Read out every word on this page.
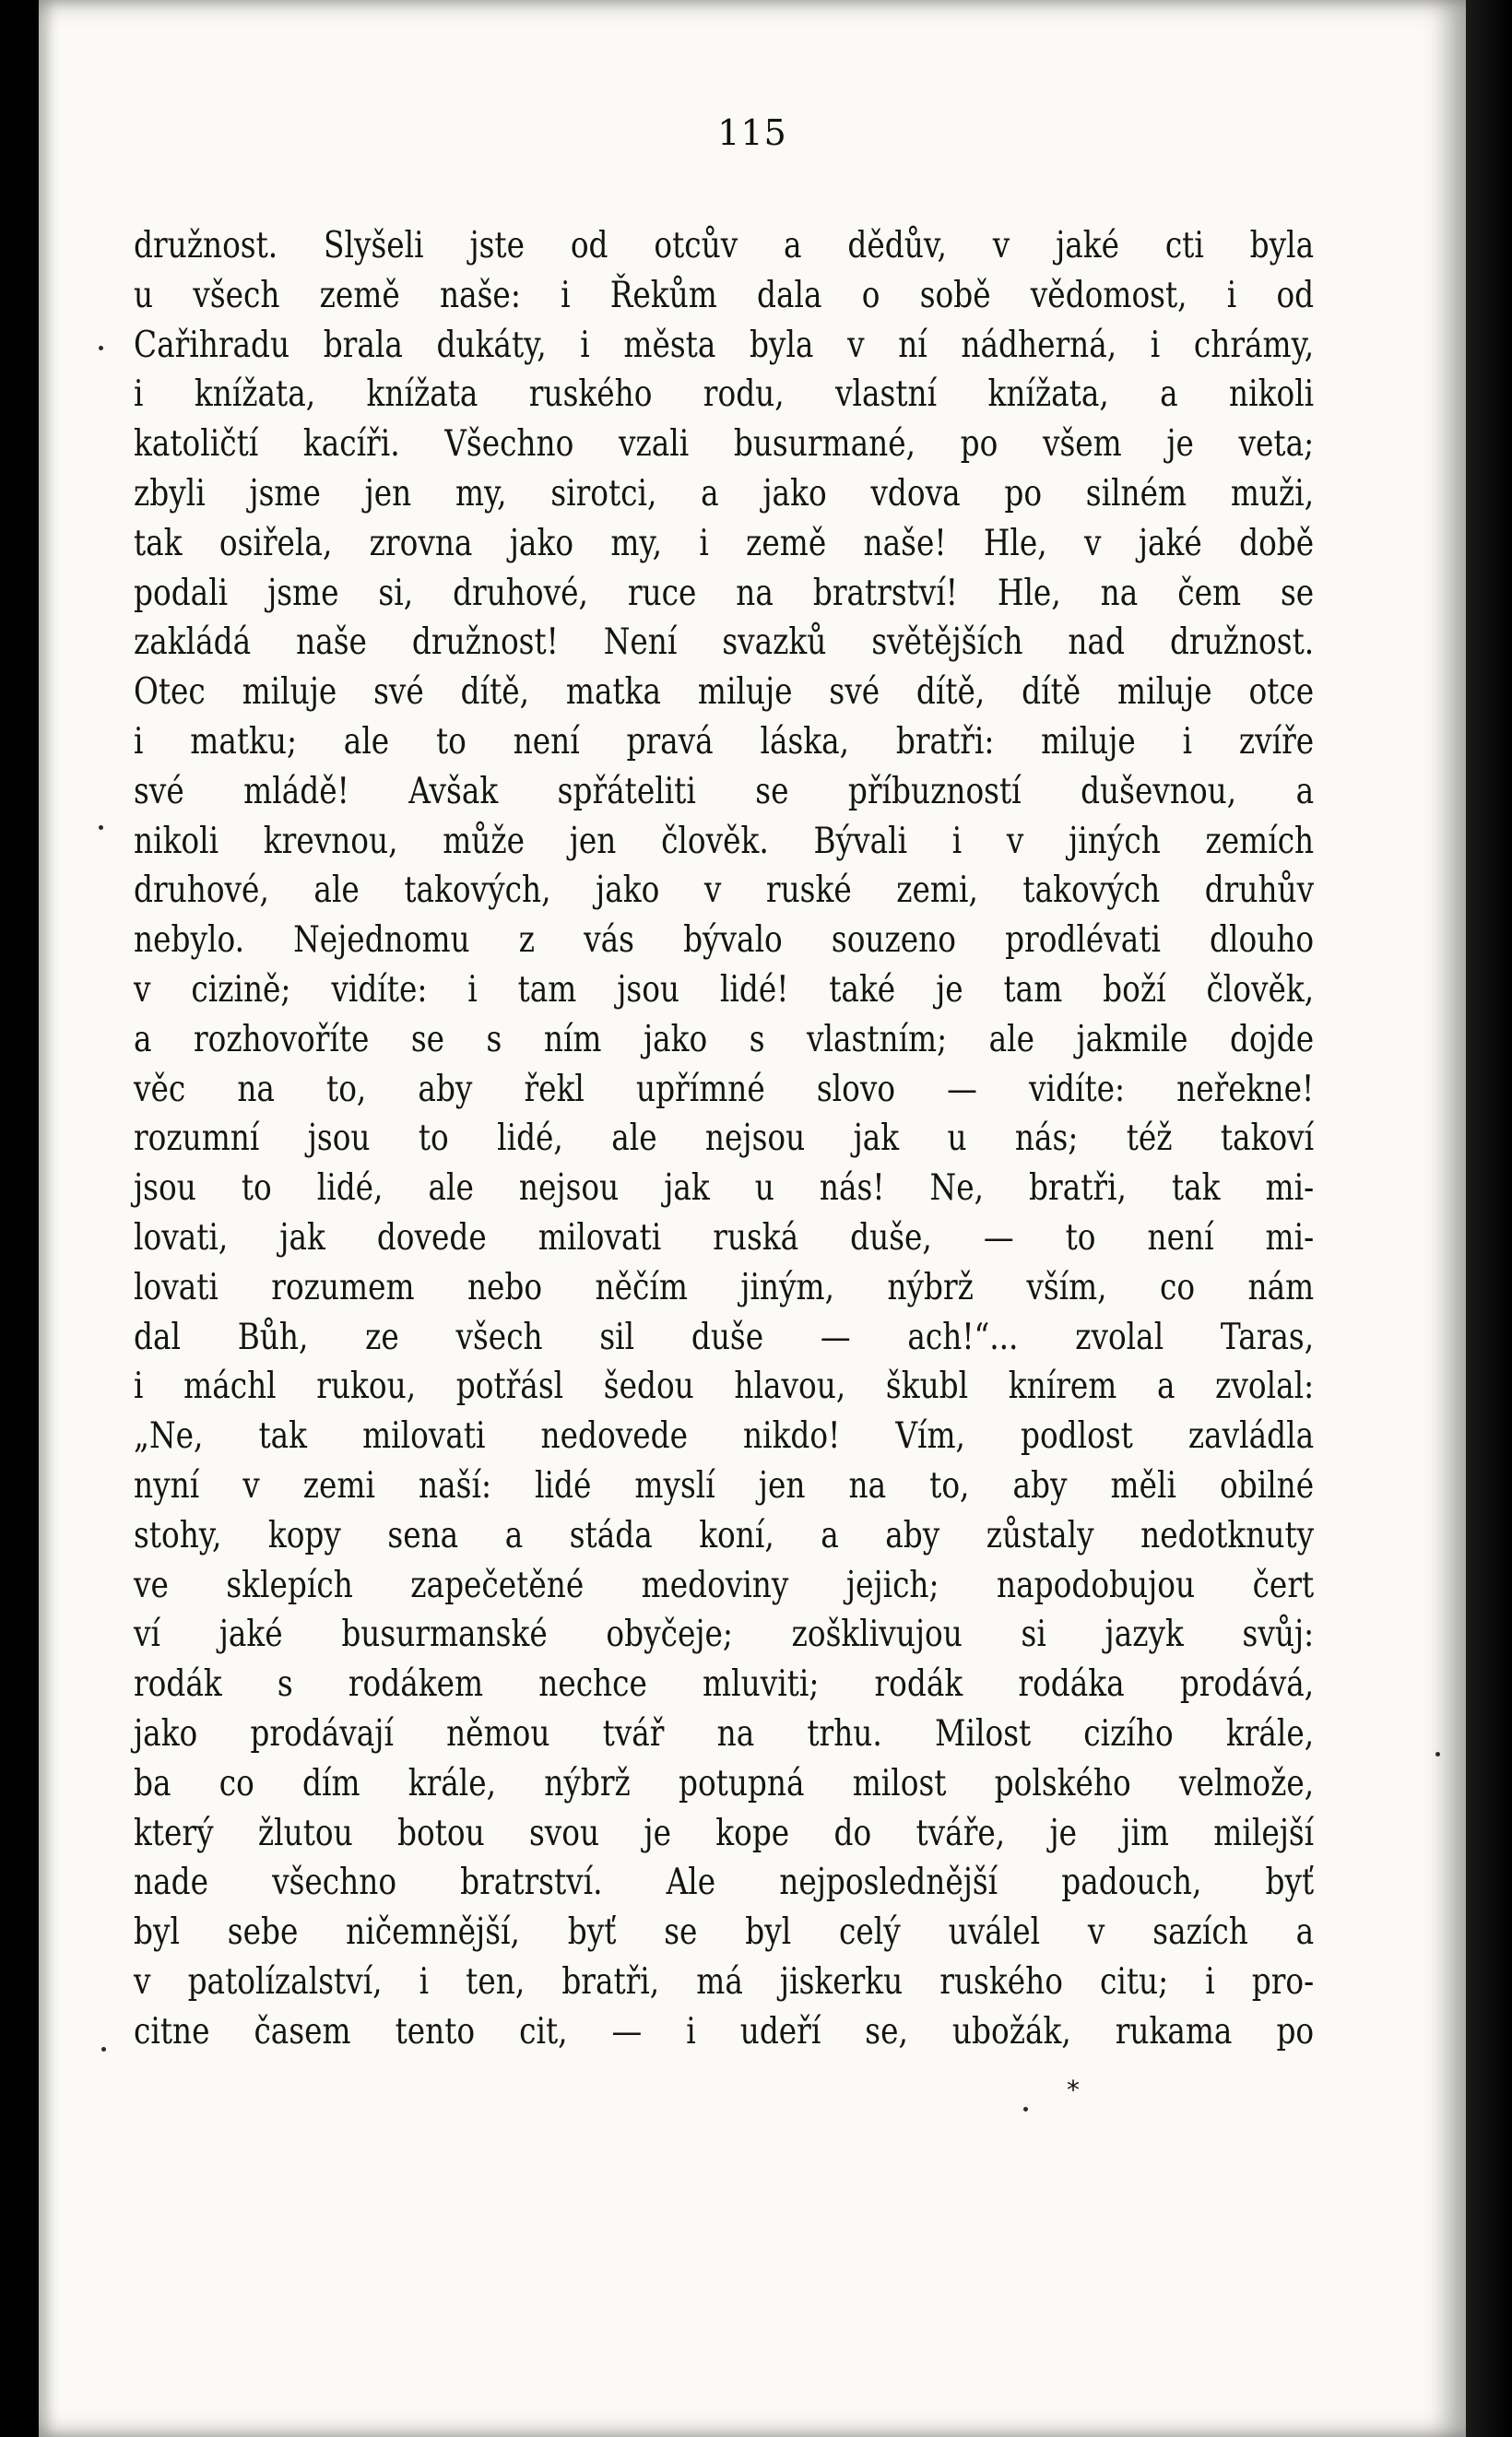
115
družnost. Slyšeli jste od otcův a dědův, v jaké cti byla
u všech země naše: i Řekům dala o sobě vědomost, i od
Cařihradu brala dukáty, i města byla v ní nádherná, i chrámy,
i knížata, knížata ruského rodu, vlastní knížata, a nikoli
katoličtí kacíři. Všechno vzali busurmané, po všem je veta;
zbyli jsme jen my, sirotci, a jako vdova po silném muži,
tak osiřela, zrovna jako my, i země naše! Hle, v jaké době
podali jsme si, druhové, ruce na bratrství! Hle, na čem se
zakládá naše družnost! Není svazků světějších nad družnost.
Otec miluje své dítě, matka miluje své dítě, dítě miluje otce
i matku; ale to není pravá láska, bratři: miluje i zvíře
své mládě! Avšak spřáteliti se příbuzností duševnou, a
nikoli krevnou, může jen člověk. Bývali i v jiných zemích
druhové, ale takových, jako v ruské zemi, takových druhův
nebylo. Nejednomu z vás bývalo souzeno prodlévati dlouho
v cizině; vidíte: i tam jsou lidé! také je tam boží člověk,
a rozhovoříte se s ním jako s vlastním; ale jakmile dojde
věc na to, aby řekl upřímné slovo — vidíte: neřekne!
rozumní jsou to lidé, ale nejsou jak u nás; též takoví
jsou to lidé, ale nejsou jak u nás! Ne, bratři, tak mi-
lovati, jak dovede milovati ruská duše, — to není mi-
lovati rozumem nebo něčím jiným, nýbrž vším, co nám
dal Bůh, ze všech sil duše — ach!“... zvolal Taras,
i máchl rukou, potřásl šedou hlavou, škubl knírem a zvolal:
„Ne, tak milovati nedovede nikdo! Vím, podlost zavládla
nyní v zemi naší: lidé myslí jen na to, aby měli obilné
stohy, kopy sena a stáda koní, a aby zůstaly nedotknuty
ve sklepích zapečetěné medoviny jejich; napodobujou čert
ví jaké busurmanské obyčeje; zošklivujou si jazyk svůj:
rodák s rodákem nechce mluviti; rodák rodáka prodává,
jako prodávají němou tvář na trhu. Milost cizího krále,
ba co dím krále, nýbrž potupná milost polského velmože,
který žlutou botou svou je kope do tváře, je jim milejší
nade všechno bratrství. Ale nejposlednější padouch, byť
byl sebe ničemnější, byť se byl celý uválel v sazích a
v patolízalství, i ten, bratři, má jiskerku ruského citu; i pro-
citne časem tento cit, — i udeří se, ubožák, rukama po
*
